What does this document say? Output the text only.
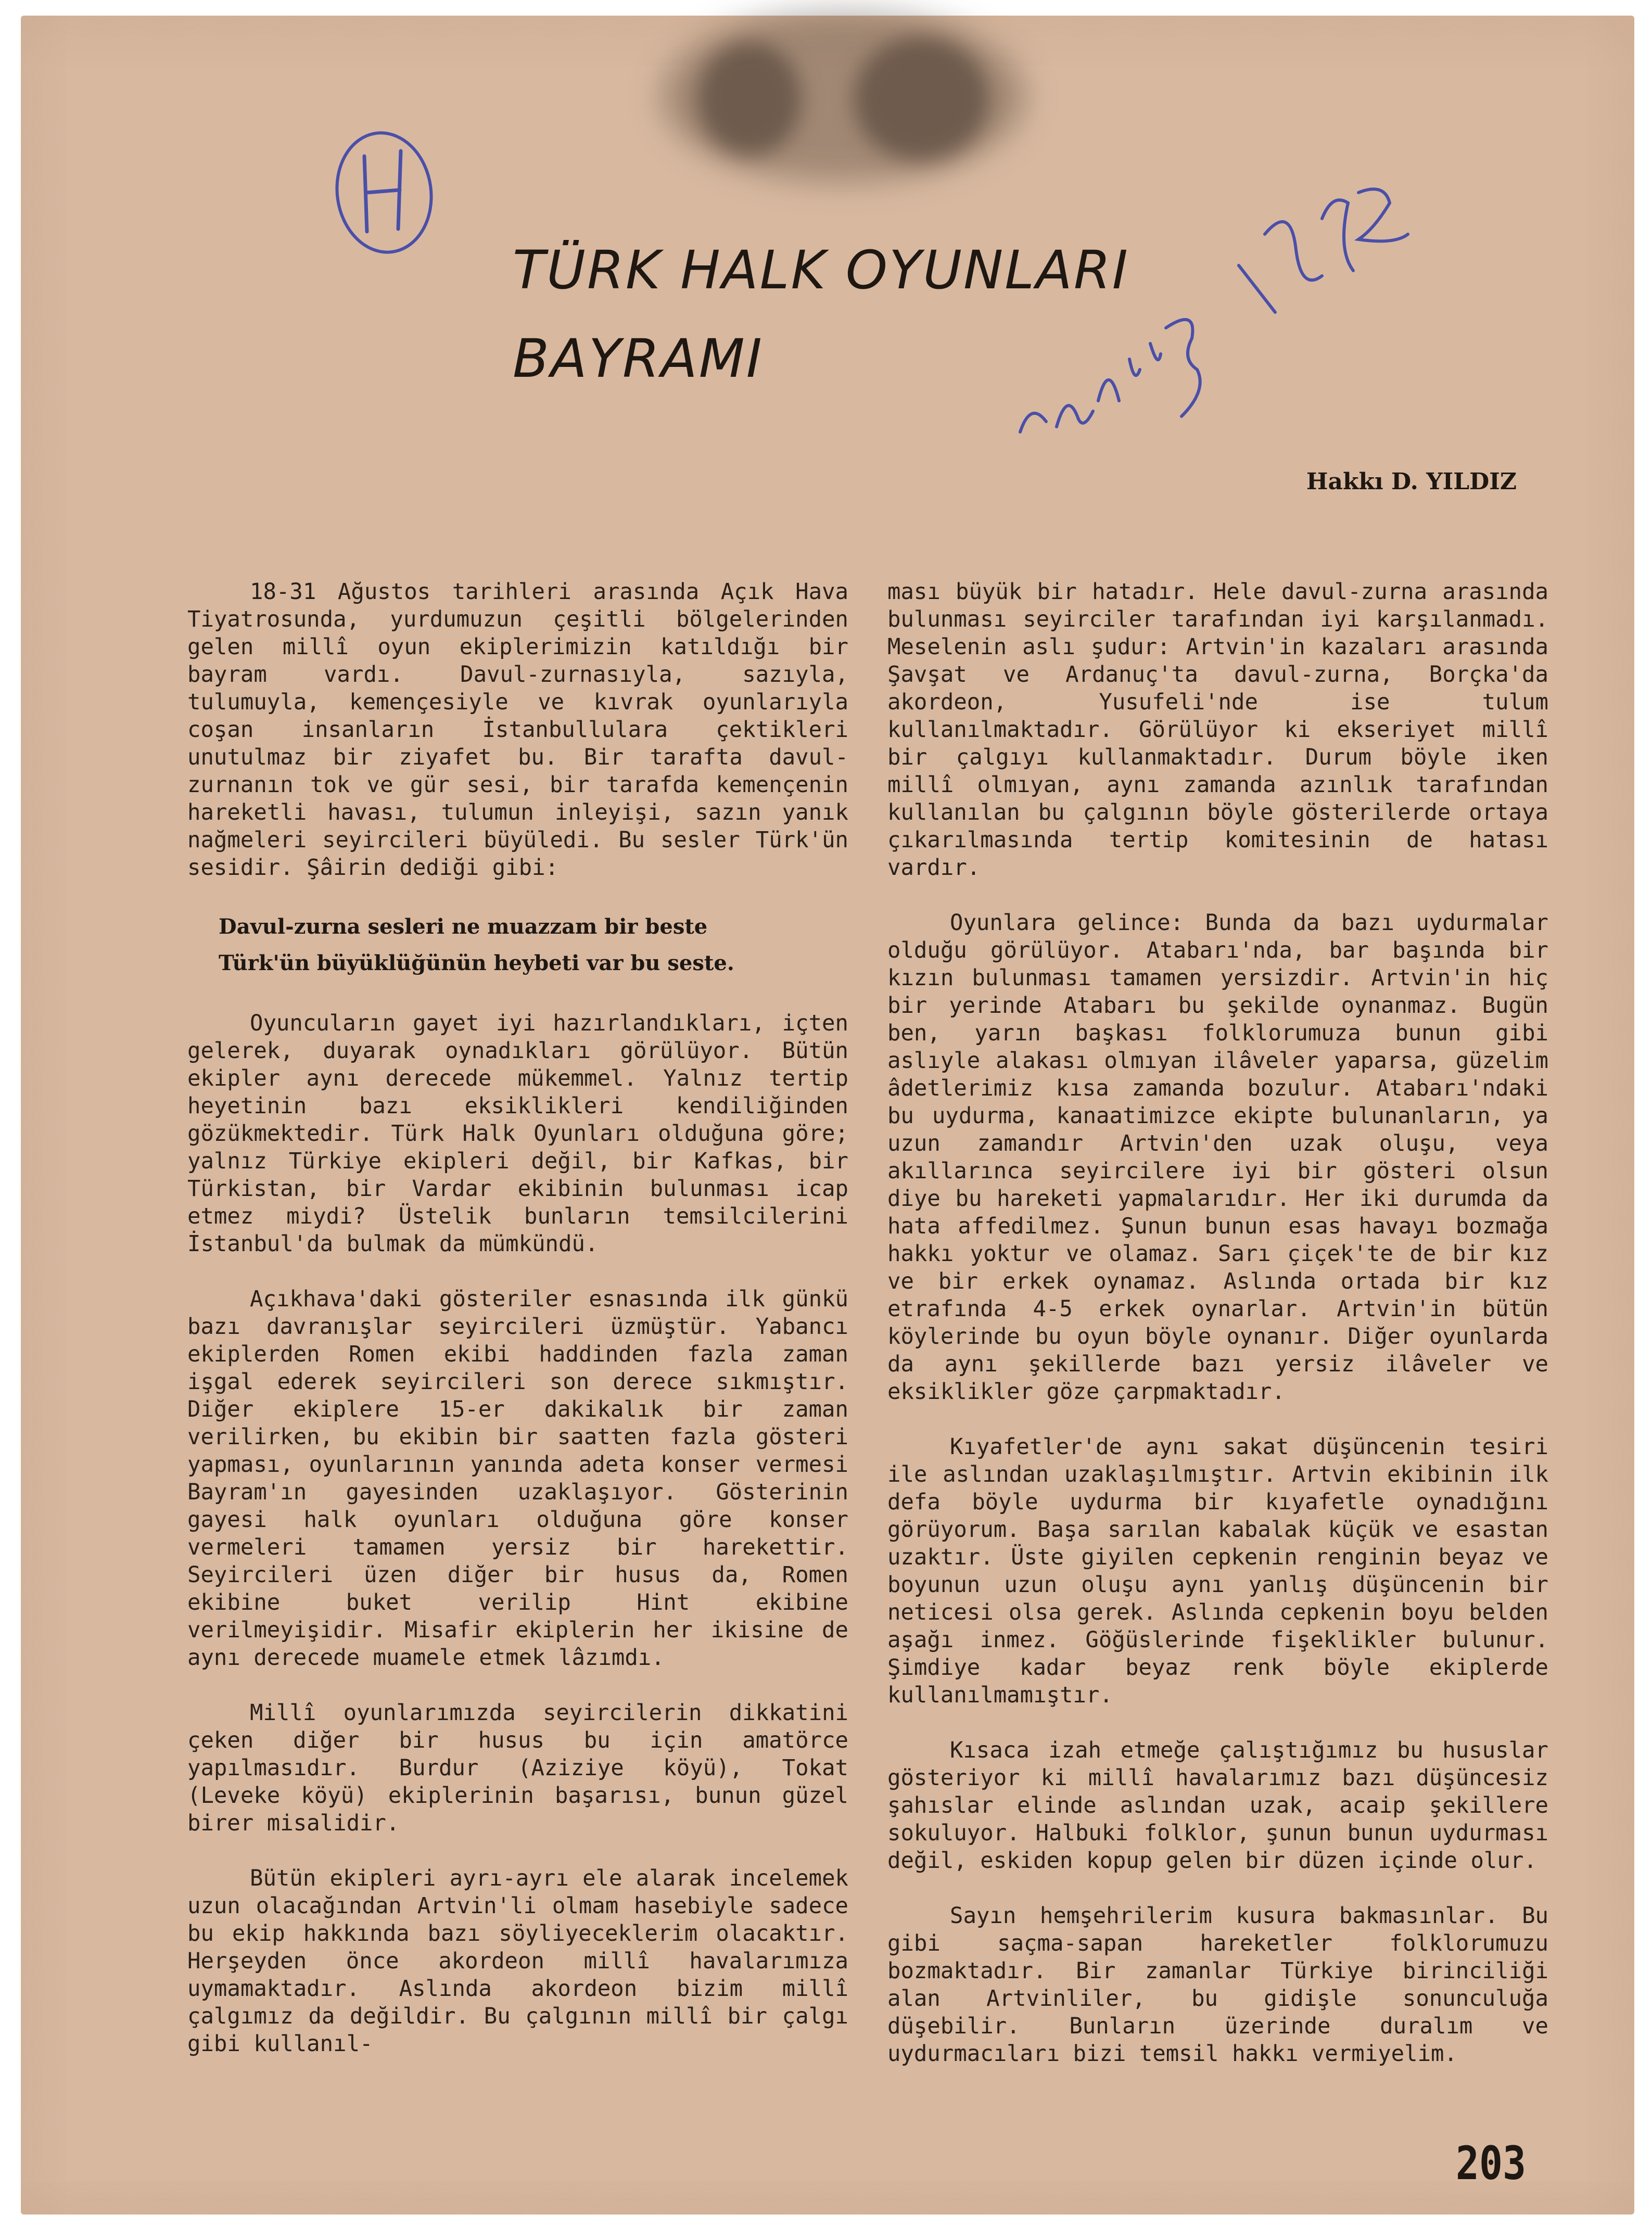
TÜRK HALK OYUNLARI
BAYRAMI
Hakkı D. YILDIZ

18-31 Ağustos tarihleri arasında Açık Hava Tiyatrosunda, yurdumuzun çeşitli bölgelerinden gelen millî oyun ekiplerimizin katıldığı bir bayram vardı. Davul-zurnasıyla, sazıyla, tulumuyla, kemençesiyle ve kıvrak oyunlarıyla coşan insanların İstanbullulara çektikleri unutulmaz bir ziyafet bu. Bir tarafta davul-zurnanın tok ve gür sesi, bir tarafda kemençenin hareketli havası, tulumun inleyişi, sazın yanık nağmeleri seyircileri büyüledi. Bu sesler Türk'ün sesidir. Şâirin dediği gibi:

Davul-zurna sesleri ne muazzam bir beste
Türk'ün büyüklüğünün heybeti var bu seste.

Oyuncuların gayet iyi hazırlandıkları, içten gelerek, duyarak oynadıkları görülüyor. Bütün ekipler aynı derecede mükemmel. Yalnız tertip heyetinin bazı eksiklikleri kendiliğinden gözükmektedir. Türk Halk Oyunları olduğuna göre; yalnız Türkiye ekipleri değil, bir Kafkas, bir Türkistan, bir Vardar ekibinin bulunması icap etmez miydi? Üstelik bunların temsilcilerini İstanbul'da bulmak da mümkündü.

Açıkhava'daki gösteriler esnasında ilk günkü bazı davranışlar seyircileri üzmüştür. Yabancı ekiplerden Romen ekibi haddinden fazla zaman işgal ederek seyircileri son derece sıkmıştır. Diğer ekiplere 15-er dakikalık bir zaman verilirken, bu ekibin bir saatten fazla gösteri yapması, oyunlarının yanında adeta konser vermesi Bayram'ın gayesinden uzaklaşıyor. Gösterinin gayesi halk oyunları olduğuna göre konser vermeleri tamamen yersiz bir harekettir. Seyircileri üzen diğer bir husus da, Romen ekibine buket verilip Hint ekibine verilmeyişidir. Misafir ekiplerin her ikisine de aynı derecede muamele etmek lâzımdı.

Millî oyunlarımızda seyircilerin dikkatini çeken diğer bir husus bu için amatörce yapılmasıdır. Burdur (Aziziye köyü), Tokat (Leveke köyü) ekiplerinin başarısı, bunun güzel birer misalidir.

Bütün ekipleri ayrı-ayrı ele alarak incelemek uzun olacağından Artvin'li olmam hasebiyle sadece bu ekip hakkında bazı söyliyeceklerim olacaktır. Herşeyden önce akordeon millî havalarımıza uymamaktadır. Aslında akordeon bizim millî çalgımız da değildir. Bu çalgının millî bir çalgı gibi kullanıl-

ması büyük bir hatadır. Hele davul-zurna arasında bulunması seyirciler tarafından iyi karşılanmadı. Meselenin aslı şudur: Artvin'in kazaları arasında Şavşat ve Ardanuç'ta davul-zurna, Borçka'da akordeon, Yusufeli'nde ise tulum kullanılmaktadır. Görülüyor ki ekseriyet millî bir çalgıyı kullanmaktadır. Durum böyle iken millî olmıyan, aynı zamanda azınlık tarafından kullanılan bu çalgının böyle gösterilerde ortaya çıkarılmasında tertip komitesinin de hatası vardır.

Oyunlara gelince: Bunda da bazı uydurmalar olduğu görülüyor. Atabarı'nda, bar başında bir kızın bulunması tamamen yersizdir. Artvin'in hiç bir yerinde Atabarı bu şekilde oynanmaz. Bugün ben, yarın başkası folklorumuza bunun gibi aslıyle alakası olmıyan ilâveler yaparsa, güzelim âdetlerimiz kısa zamanda bozulur. Atabarı'ndaki bu uydurma, kanaatimizce ekipte bulunanların, ya uzun zamandır Artvin'den uzak oluşu, veya akıllarınca seyircilere iyi bir gösteri olsun diye bu hareketi yapmalarıdır. Her iki durumda da hata affedilmez. Şunun bunun esas havayı bozmağa hakkı yoktur ve olamaz. Sarı çiçek'te de bir kız ve bir erkek oynamaz. Aslında ortada bir kız etrafında 4-5 erkek oynarlar. Artvin'in bütün köylerinde bu oyun böyle oynanır. Diğer oyunlarda da aynı şekillerde bazı yersiz ilâveler ve eksiklikler göze çarpmaktadır.

Kıyafetler'de aynı sakat düşüncenin tesiri ile aslından uzaklaşılmıştır. Artvin ekibinin ilk defa böyle uydurma bir kıyafetle oynadığını görüyorum. Başa sarılan kabalak küçük ve esastan uzaktır. Üste giyilen cepkenin renginin beyaz ve boyunun uzun oluşu aynı yanlış düşüncenin bir neticesi olsa gerek. Aslında cepkenin boyu belden aşağı inmez. Göğüslerinde fişeklikler bulunur. Şimdiye kadar beyaz renk böyle ekiplerde kullanılmamıştır.

Kısaca izah etmeğe çalıştığımız bu hususlar gösteriyor ki millî havalarımız bazı düşüncesiz şahıslar elinde aslından uzak, acaip şekillere sokuluyor. Halbuki folklor, şunun bunun uydurması değil, eskiden kopup gelen bir düzen içinde olur.

Sayın hemşehrilerim kusura bakmasınlar. Bu gibi saçma-sapan hareketler folklorumuzu bozmaktadır. Bir zamanlar Türkiye birinciliği alan Artvinliler, bu gidişle sonunculuğa düşebilir. Bunların üzerinde duralım ve uydurmacıları bizi temsil hakkı vermiyelim.

203
